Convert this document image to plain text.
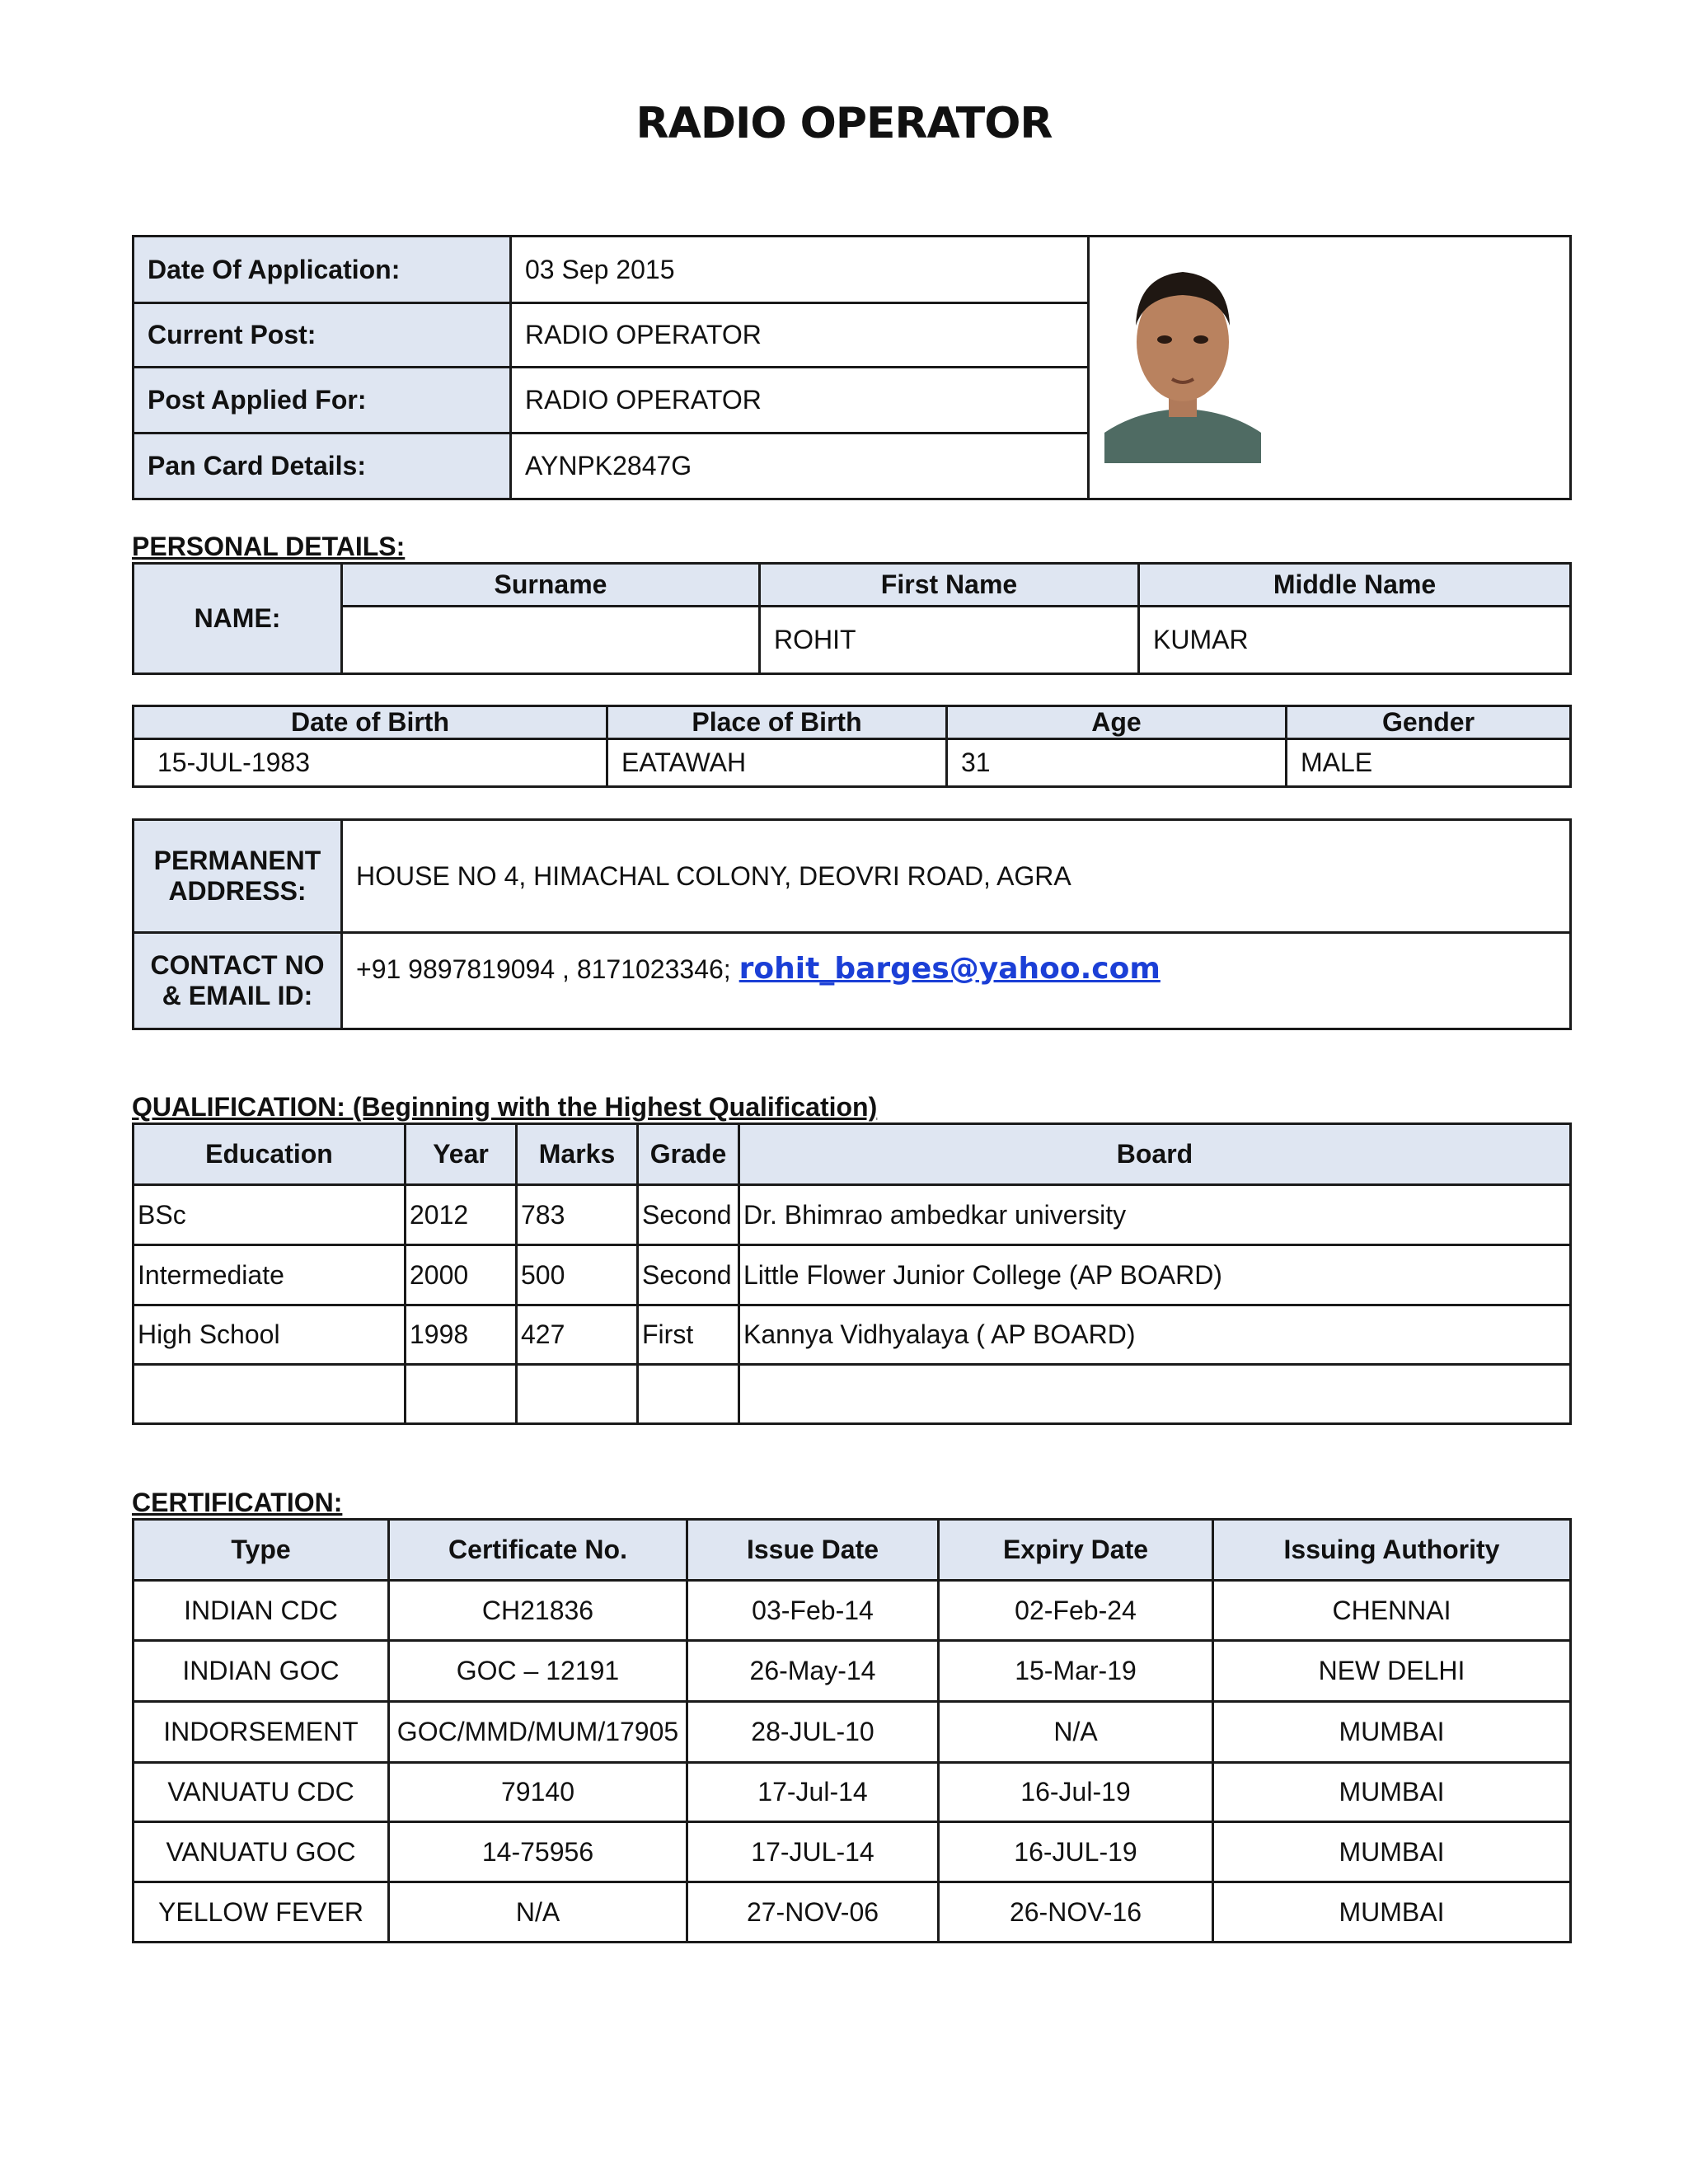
RADIO OPERATOR
Date Of Application:	03 Sep 2015	

Current Post:	RADIO OPERATOR	
Post Applied For:	RADIO OPERATOR	
Pan Card Details:	AYNPK2847G	
PERSONAL DETAILS:
NAME:	Surname	First Name	Middle Name
		ROHIT	KUMAR
Date of Birth	Place of Birth	Age	Gender
15-JUL-1983	EATAWAH	31	MALE
PERMANENT ADDRESS:	HOUSE NO 4, HIMACHAL COLONY, DEOVRI ROAD, AGRA
CONTACT NO & EMAIL ID:	+91 9897819094 , 8171023346; rohit_barges@yahoo.com
QUALIFICATION: (Beginning with the Highest Qualification)
Education	Year	Marks	Grade	Board
BSc	2012	783	Second	Dr. Bhimrao ambedkar university
Intermediate	2000	500	Second	Little Flower Junior College (AP BOARD)
High School	1998	427	First	Kannya Vidhyalaya ( AP BOARD)

CERTIFICATION:
Type	Certificate No.	Issue Date	Expiry Date	Issuing Authority
INDIAN CDC	CH21836	03-Feb-14	02-Feb-24	CHENNAI
INDIAN GOC	GOC – 12191	26-May-14	15-Mar-19	NEW DELHI
INDORSEMENT	GOC/MMD/MUM/17905	28-JUL-10	N/A	MUMBAI
VANUATU CDC	79140	17-Jul-14	16-Jul-19	MUMBAI
VANUATU GOC	14-75956	17-JUL-14	16-JUL-19	MUMBAI
YELLOW FEVER	N/A	27-NOV-06	26-NOV-16	MUMBAI
